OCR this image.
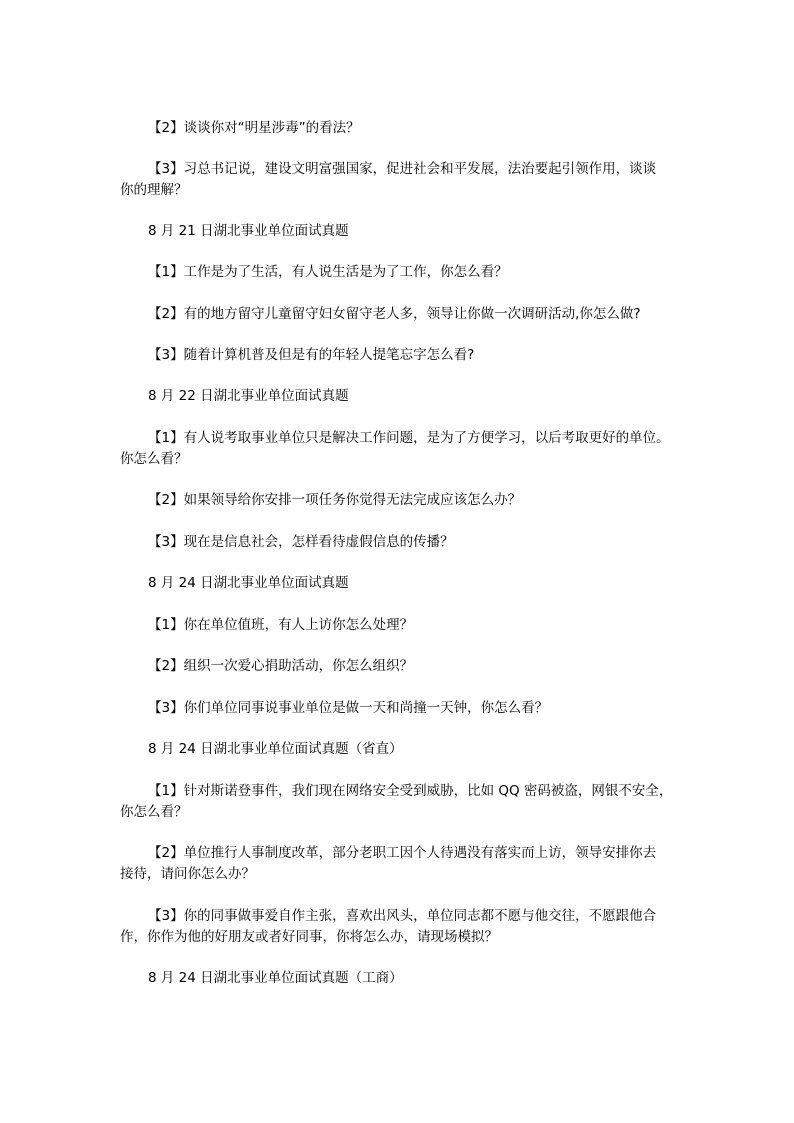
【2】谈谈你对“明星涉毒”的看法？
【3】习总书记说，建设文明富强国家，促进社会和平发展，法治要起引领作用，谈谈
你的理解？
8 月 21 日湖北事业单位面试真题
【1】工作是为了生活，有人说生活是为了工作，你怎么看？
【2】有的地方留守儿童留守妇女留守老人多，领导让你做一次调研活动,你怎么做?
【3】随着计算机普及但是有的年轻人提笔忘字怎么看?
8 月 22 日湖北事业单位面试真题
【1】有人说考取事业单位只是解决工作问题，是为了方便学习，以后考取更好的单位。
你怎么看？
【2】如果领导给你安排一项任务你觉得无法完成应该怎么办？
【3】现在是信息社会，怎样看待虚假信息的传播？
8 月 24 日湖北事业单位面试真题
【1】你在单位值班，有人上访你怎么处理？
【2】组织一次爱心捐助活动，你怎么组织？
【3】你们单位同事说事业单位是做一天和尚撞一天钟，你怎么看？
8 月 24 日湖北事业单位面试真题（省直）
【1】针对斯诺登事件，我们现在网络安全受到威胁，比如 QQ 密码被盗，网银不安全，
你怎么看？
【2】单位推行人事制度改革，部分老职工因个人待遇没有落实而上访，领导安排你去
接待，请问你怎么办？
【3】你的同事做事爱自作主张，喜欢出风头，单位同志都不愿与他交往，不愿跟他合
作，你作为他的好朋友或者好同事，你将怎么办，请现场模拟？
8 月 24 日湖北事业单位面试真题（工商）
